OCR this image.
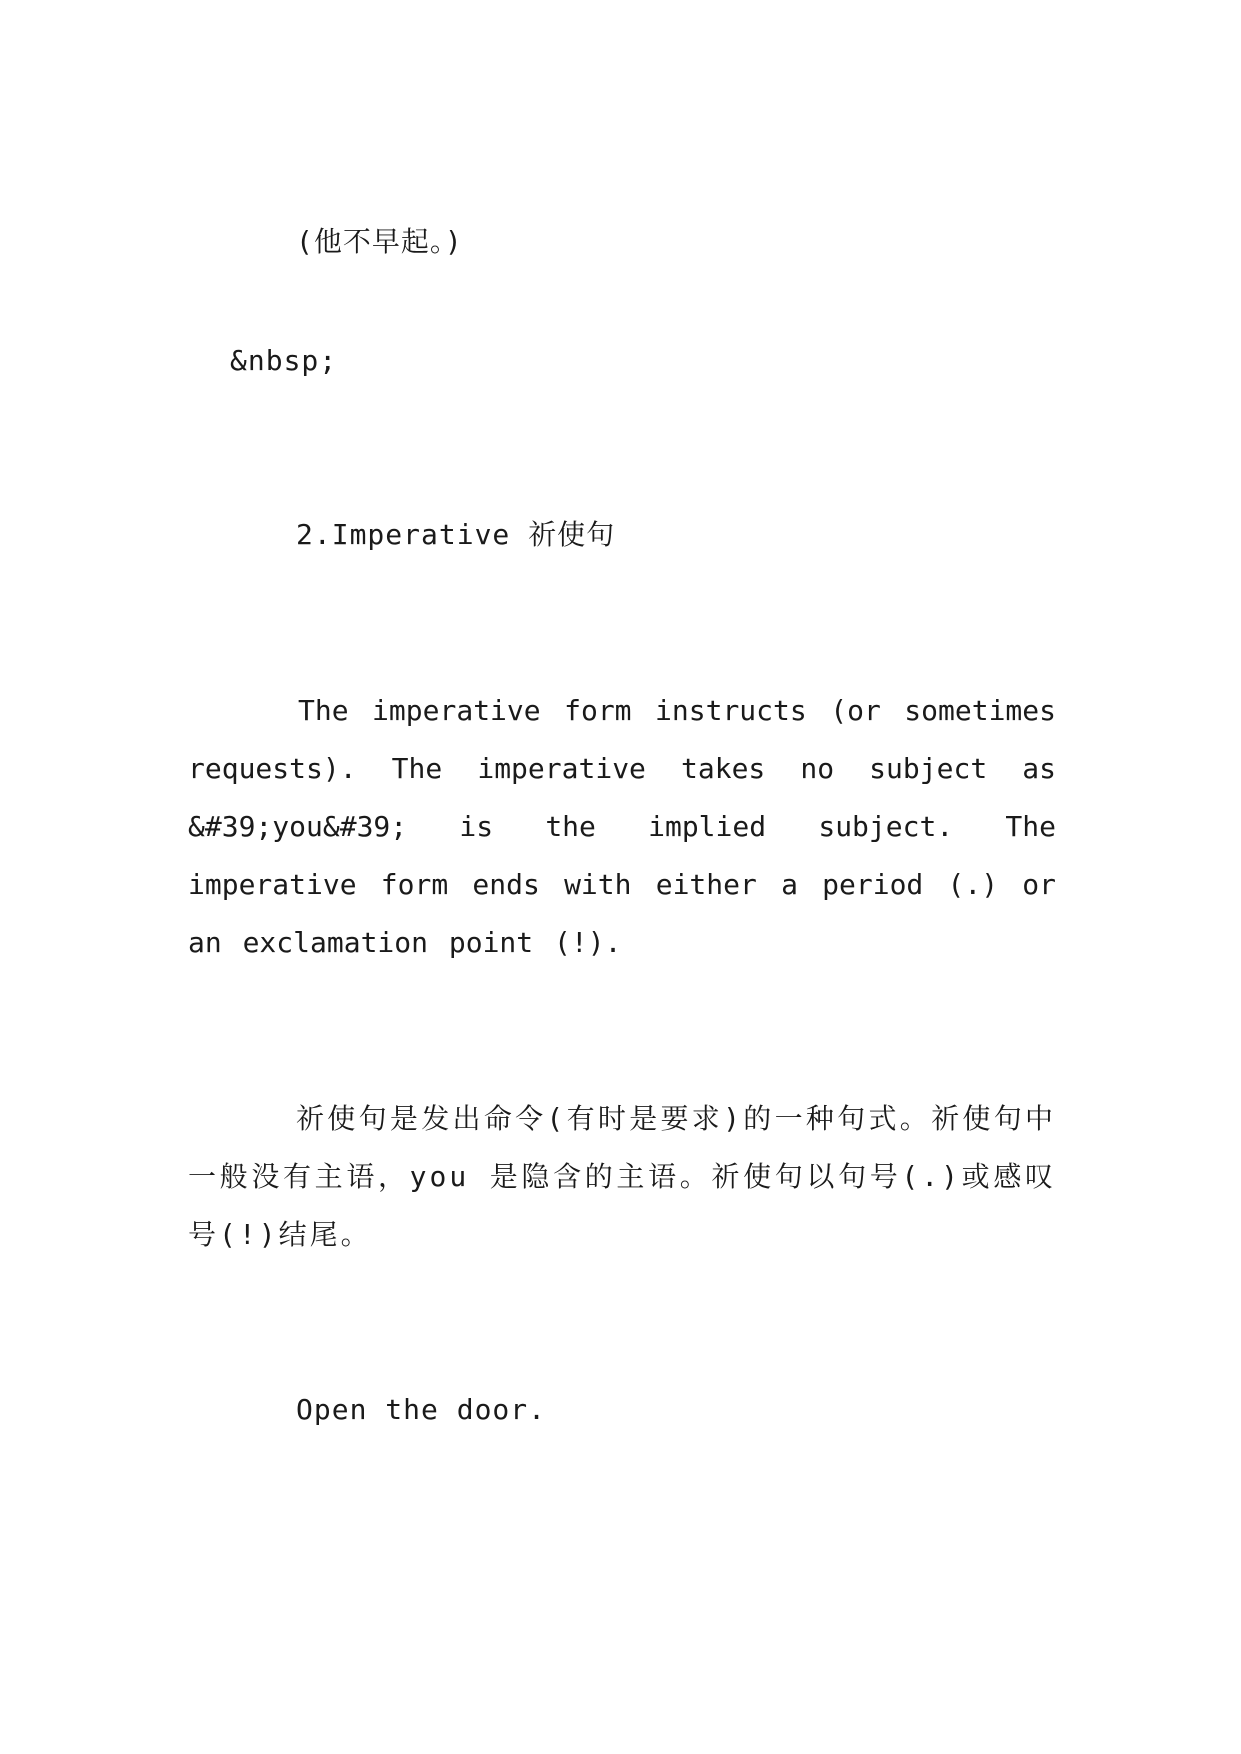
(他不早起。)
&nbsp;
2.Imperative 祈使句
The imperative form instructs (or sometimes requests). The imperative takes no subject as &#39;you&#39; is the implied subject. The imperative form ends with either a period (.) or an exclamation point (!).
祈使句是发出命令(有时是要求)的一种句式。祈使句中一般没有主语，you 是隐含的主语。祈使句以句号(.)或感叹号(!)结尾。
Open the door.
